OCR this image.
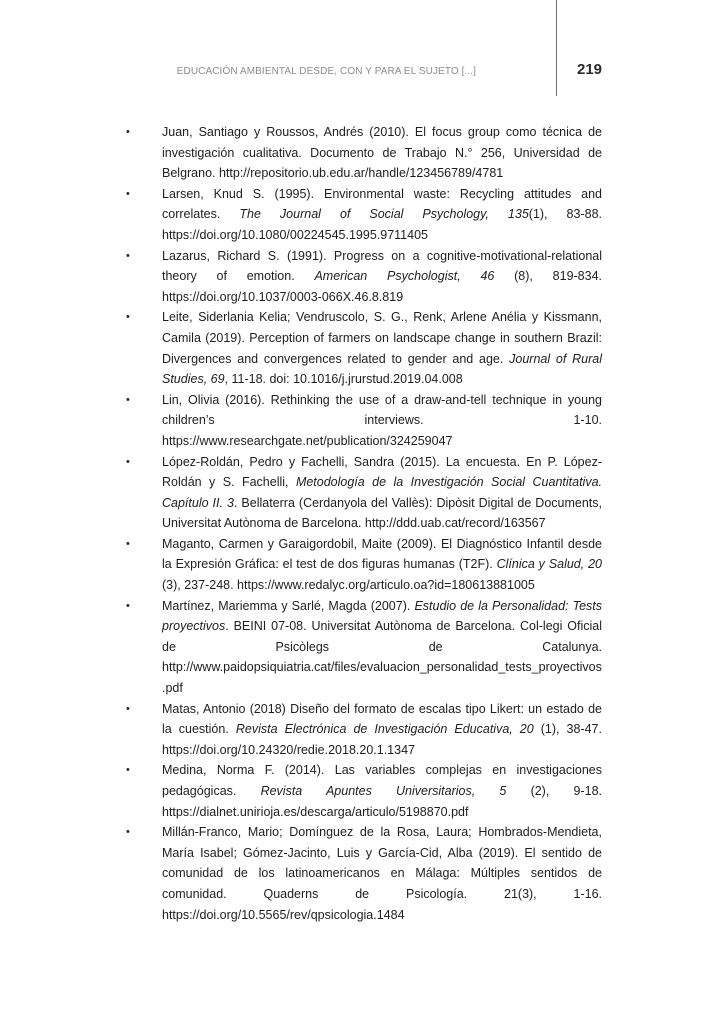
EDUCACIÓN AMBIENTAL DESDE, CON Y PARA EL SUJETO [...]	219
•	Juan, Santiago y Roussos, Andrés (2010). El focus group como técnica de investigación cualitativa. Documento de Trabajo N.° 256, Universidad de Belgrano. http://repositorio.ub.edu.ar/handle/123456789/4781
•	Larsen, Knud S. (1995). Environmental waste: Recycling attitudes and correlates. The Journal of Social Psychology, 135(1), 83-88. https://doi.org/10.1080/00224545.1995.9711405
•	Lazarus, Richard S. (1991). Progress on a cognitive-motivational-relational theory of emotion. American Psychologist, 46 (8), 819-834. https://doi.org/10.1037/0003-066X.46.8.819
•	Leite, Siderlania Kelia; Vendruscolo, S. G., Renk, Arlene Anélia y Kissmann, Camila (2019). Perception of farmers on landscape change in southern Brazil: Divergences and convergences related to gender and age. Journal of Rural Studies, 69, 11-18. doi: 10.1016/j.jrurstud.2019.04.008
•	Lin, Olivia (2016). Rethinking the use of a draw-and-tell technique in young children’s interviews. 1-10. https://www.researchgate.net/publication/324259047
•	López-Roldán, Pedro y Fachelli, Sandra (2015). La encuesta. En P. López-Roldán y S. Fachelli, Metodología de la Investigación Social Cuantitativa. Capítulo II. 3. Bellaterra (Cerdanyola del Vallès): Dipòsit Digital de Documents, Universitat Autònoma de Barcelona. http://ddd.uab.cat/record/163567
•	Maganto, Carmen y Garaigordobil, Maite (2009). El Diagnóstico Infantil desde la Expresión Gráfica: el test de dos figuras humanas (T2F). Clínica y Salud, 20 (3), 237-248. https://www.redalyc.org/articulo.oa?id=180613881005
•	Martínez, Mariemma y Sarlé, Magda (2007). Estudio de la Personalidad: Tests proyectivos. BEINI 07-08. Universitat Autònoma de Barcelona. Col-legi Oficial de Psicòlegs de Catalunya. http://www.paidopsiquiatria.cat/files/evaluacion_personalidad_tests_proyectivos.pdf
•	Matas, Antonio (2018) Diseño del formato de escalas tipo Likert: un estado de la cuestión. Revista Electrónica de Investigación Educativa, 20 (1), 38-47. https://doi.org/10.24320/redie.2018.20.1.1347
•	Medina, Norma F. (2014). Las variables complejas en investigaciones pedagógicas. Revista Apuntes Universitarios, 5 (2), 9-18. https://dialnet.unirioja.es/descarga/articulo/5198870.pdf
•	Millán-Franco, Mario; Domínguez de la Rosa, Laura; Hombrados-Mendieta, María Isabel; Gómez-Jacinto, Luis y García-Cid, Alba (2019). El sentido de comunidad de los latinoamericanos en Málaga: Múltiples sentidos de comunidad. Quaderns de Psicología. 21(3), 1-16. https://doi.org/10.5565/rev/qpsicologia.1484
